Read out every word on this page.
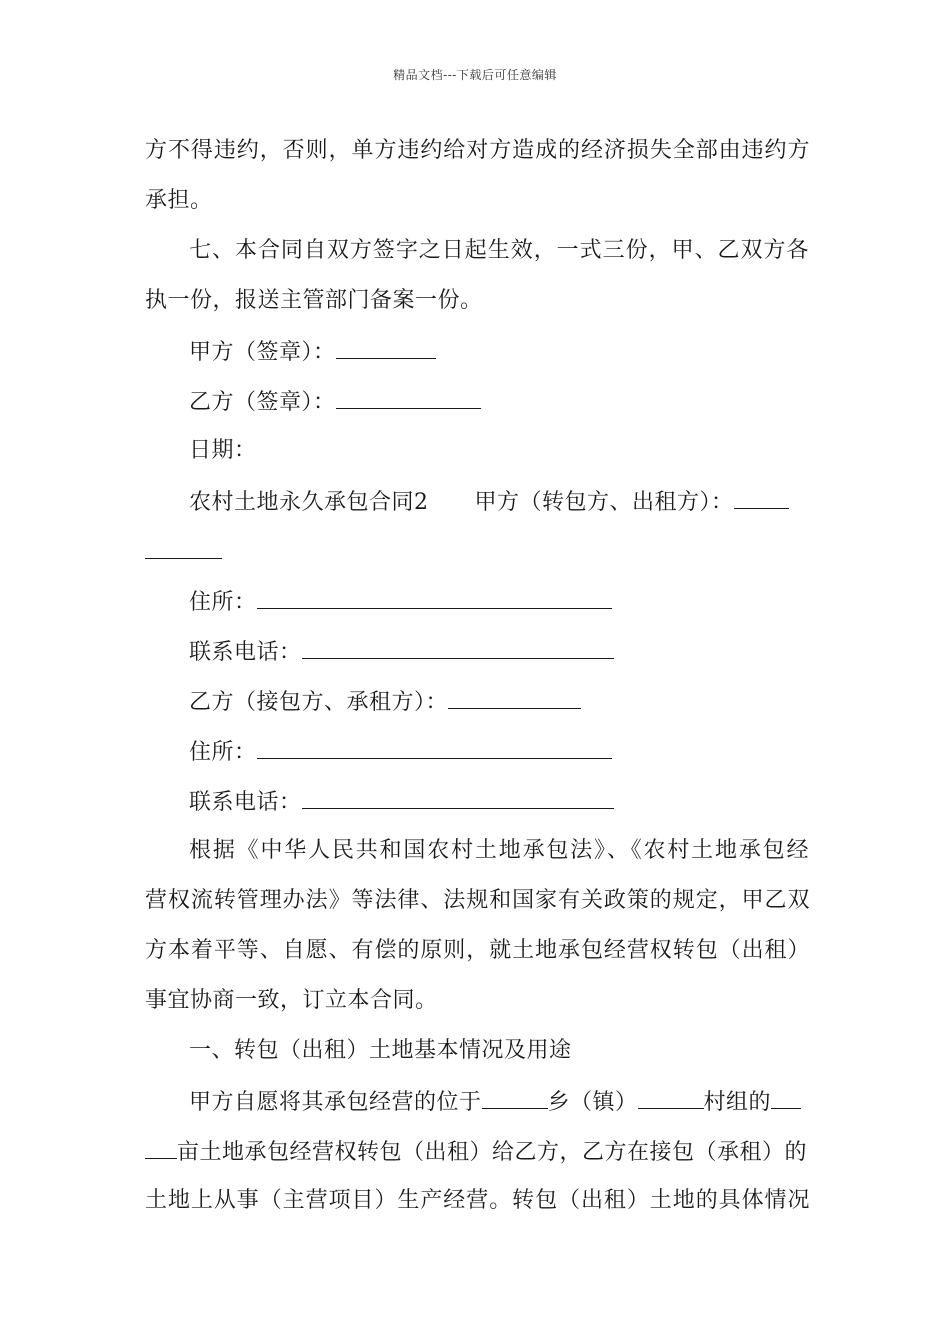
精品文档---下载后可任意编辑
方不得违约，否则，单方违约给对方造成的经济损失全部由违约方
承担。
七、本合同自双方签字之日起生效，一式三份，甲、乙双方各
执一份，报送主管部门备案一份。
甲方（签章）：
乙方（签章）：
日期：
农村土地永久承包合同2 甲方（转包方、出租方）：
住所：
联系电话：
乙方（接包方、承租方）：
住所：
联系电话：
根据《中华人民共和国农村土地承包法》、《农村土地承包经
营权流转管理办法》等法律、法规和国家有关政策的规定，甲乙双
方本着平等、自愿、有偿的原则，就土地承包经营权转包（出租）
事宜协商一致，订立本合同。
一、转包（出租）土地基本情况及用途
甲方自愿将其承包经营的位于	乡（镇）	村组的
亩土地承包经营权转包（出租）给乙方，乙方在接包（承租）的
土地上从事（主营项目）生产经营。转包（出租）土地的具体情况
